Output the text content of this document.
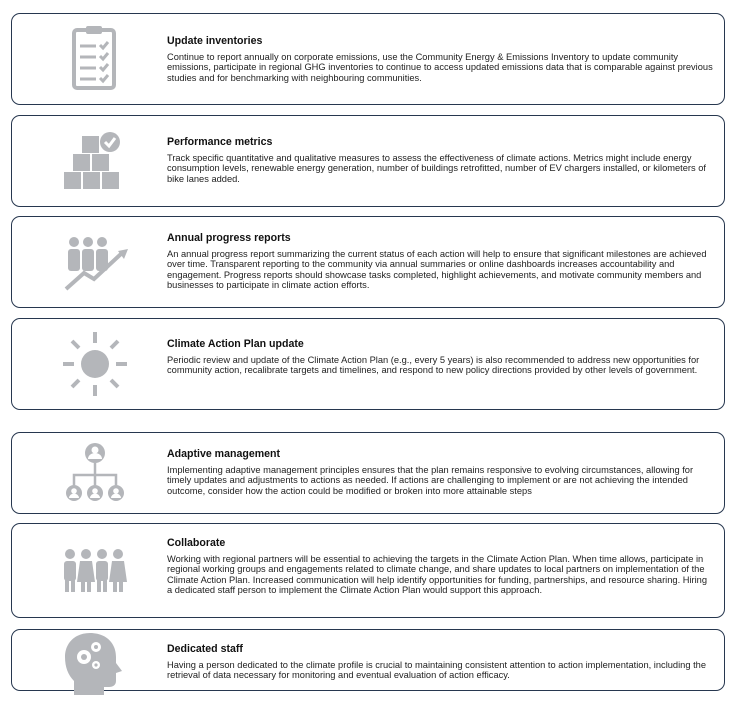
Update inventories

Continue to report annually on corporate emissions, use the Community Energy & Emissions Inventory to update community emissions, participate in regional GHG inventories to continue to access updated emissions data that is comparable against previous studies and for benchmarking with neighbouring communities.

Performance metrics

Track specific quantitative and qualitative measures to assess the effectiveness of climate actions. Metrics might include energy consumption levels, renewable energy generation, number of buildings retrofitted, number of EV chargers installed, or kilometers of bike lanes added.

Annual progress reports

An annual progress report summarizing the current status of each action will help to ensure that significant milestones are achieved over time. Transparent reporting to the community via annual summaries or online dashboards increases accountability and engagement. Progress reports should showcase tasks completed, highlight achievements, and motivate community members and businesses to participate in climate action efforts.

Climate Action Plan update

Periodic review and update of the Climate Action Plan (e.g., every 5 years) is also recommended to address new opportunities for community action, recalibrate targets and timelines, and respond to new policy directions provided by other levels of government.

Adaptive management

Implementing adaptive management principles ensures that the plan remains responsive to evolving circumstances, allowing for timely updates and adjustments to actions as needed. If actions are challenging to implement or are not achieving the intended outcome, consider how the action could be modified or broken into more attainable steps

Collaborate

Working with regional partners will be essential to achieving the targets in the Climate Action Plan. When time allows, participate in regional working groups and engagements related to climate change, and share updates to local partners on implementation of the Climate Action Plan. Increased communication will help identify opportunities for funding, partnerships, and resource sharing. Hiring a dedicated staff person to implement the Climate Action Plan would support this approach.

Dedicated staff

Having a person dedicated to the climate profile is crucial to maintaining consistent attention to action implementation, including the retrieval of data necessary for monitoring and eventual evaluation of action efficacy.
